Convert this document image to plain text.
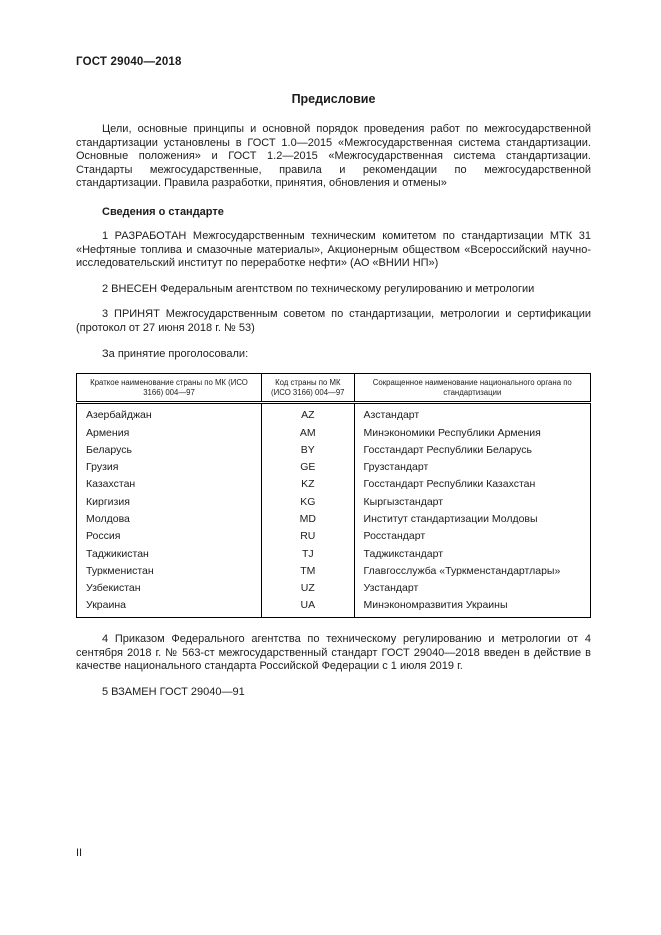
ГОСТ 29040—2018
Предисловие

Цели, основные принципы и основной порядок проведения работ по межгосударственной стандартизации установлены в ГОСТ 1.0—2015 «Межгосударственная система стандартизации. Основные положения» и ГОСТ 1.2—2015 «Межгосударственная система стандартизации. Стандарты межгосударственные, правила и рекомендации по межгосударственной стандартизации. Правила разработки, принятия, обновления и отмены»

Сведения о стандарте

1 РАЗРАБОТАН Межгосударственным техническим комитетом по стандартизации МТК 31 «Нефтяные топлива и смазочные материалы», Акционерным обществом «Всероссийский научно-исследовательский институт по переработке нефти» (АО «ВНИИ НП»)

2 ВНЕСЕН Федеральным агентством по техническому регулированию и метрологии

3 ПРИНЯТ Межгосударственным советом по стандартизации, метрологии и сертификации (протокол от 27 июня 2018 г. № 53)

За принятие проголосовали:

Краткое наименование страны по МК (ИСО 3166) 004—97	Код страны по МК (ИСО 3166) 004—97	Сокращенное наименование национального органа по стандартизации
Азербайджан	AZ	Азстандарт
Армения	AM	Минэкономики Республики Армения
Беларусь	BY	Госстандарт Республики Беларусь
Грузия	GE	Грузстандарт
Казахстан	KZ	Госстандарт Республики Казахстан
Киргизия	KG	Кыргызстандарт
Молдова	MD	Институт стандартизации Молдовы
Россия	RU	Росстандарт
Таджикистан	TJ	Таджикстандарт
Туркменистан	TM	Главгосслужба «Туркменстандартлары»
Узбекистан	UZ	Узстандарт
Украина	UA	Минэкономразвития Украины

4 Приказом Федерального агентства по техническому регулированию и метрологии от 4 сентября 2018 г. № 563-ст межгосударственный стандарт ГОСТ 29040—2018 введен в действие в качестве национального стандарта Российской Федерации с 1 июля 2019 г.

5 ВЗАМЕН ГОСТ 29040—91

II
